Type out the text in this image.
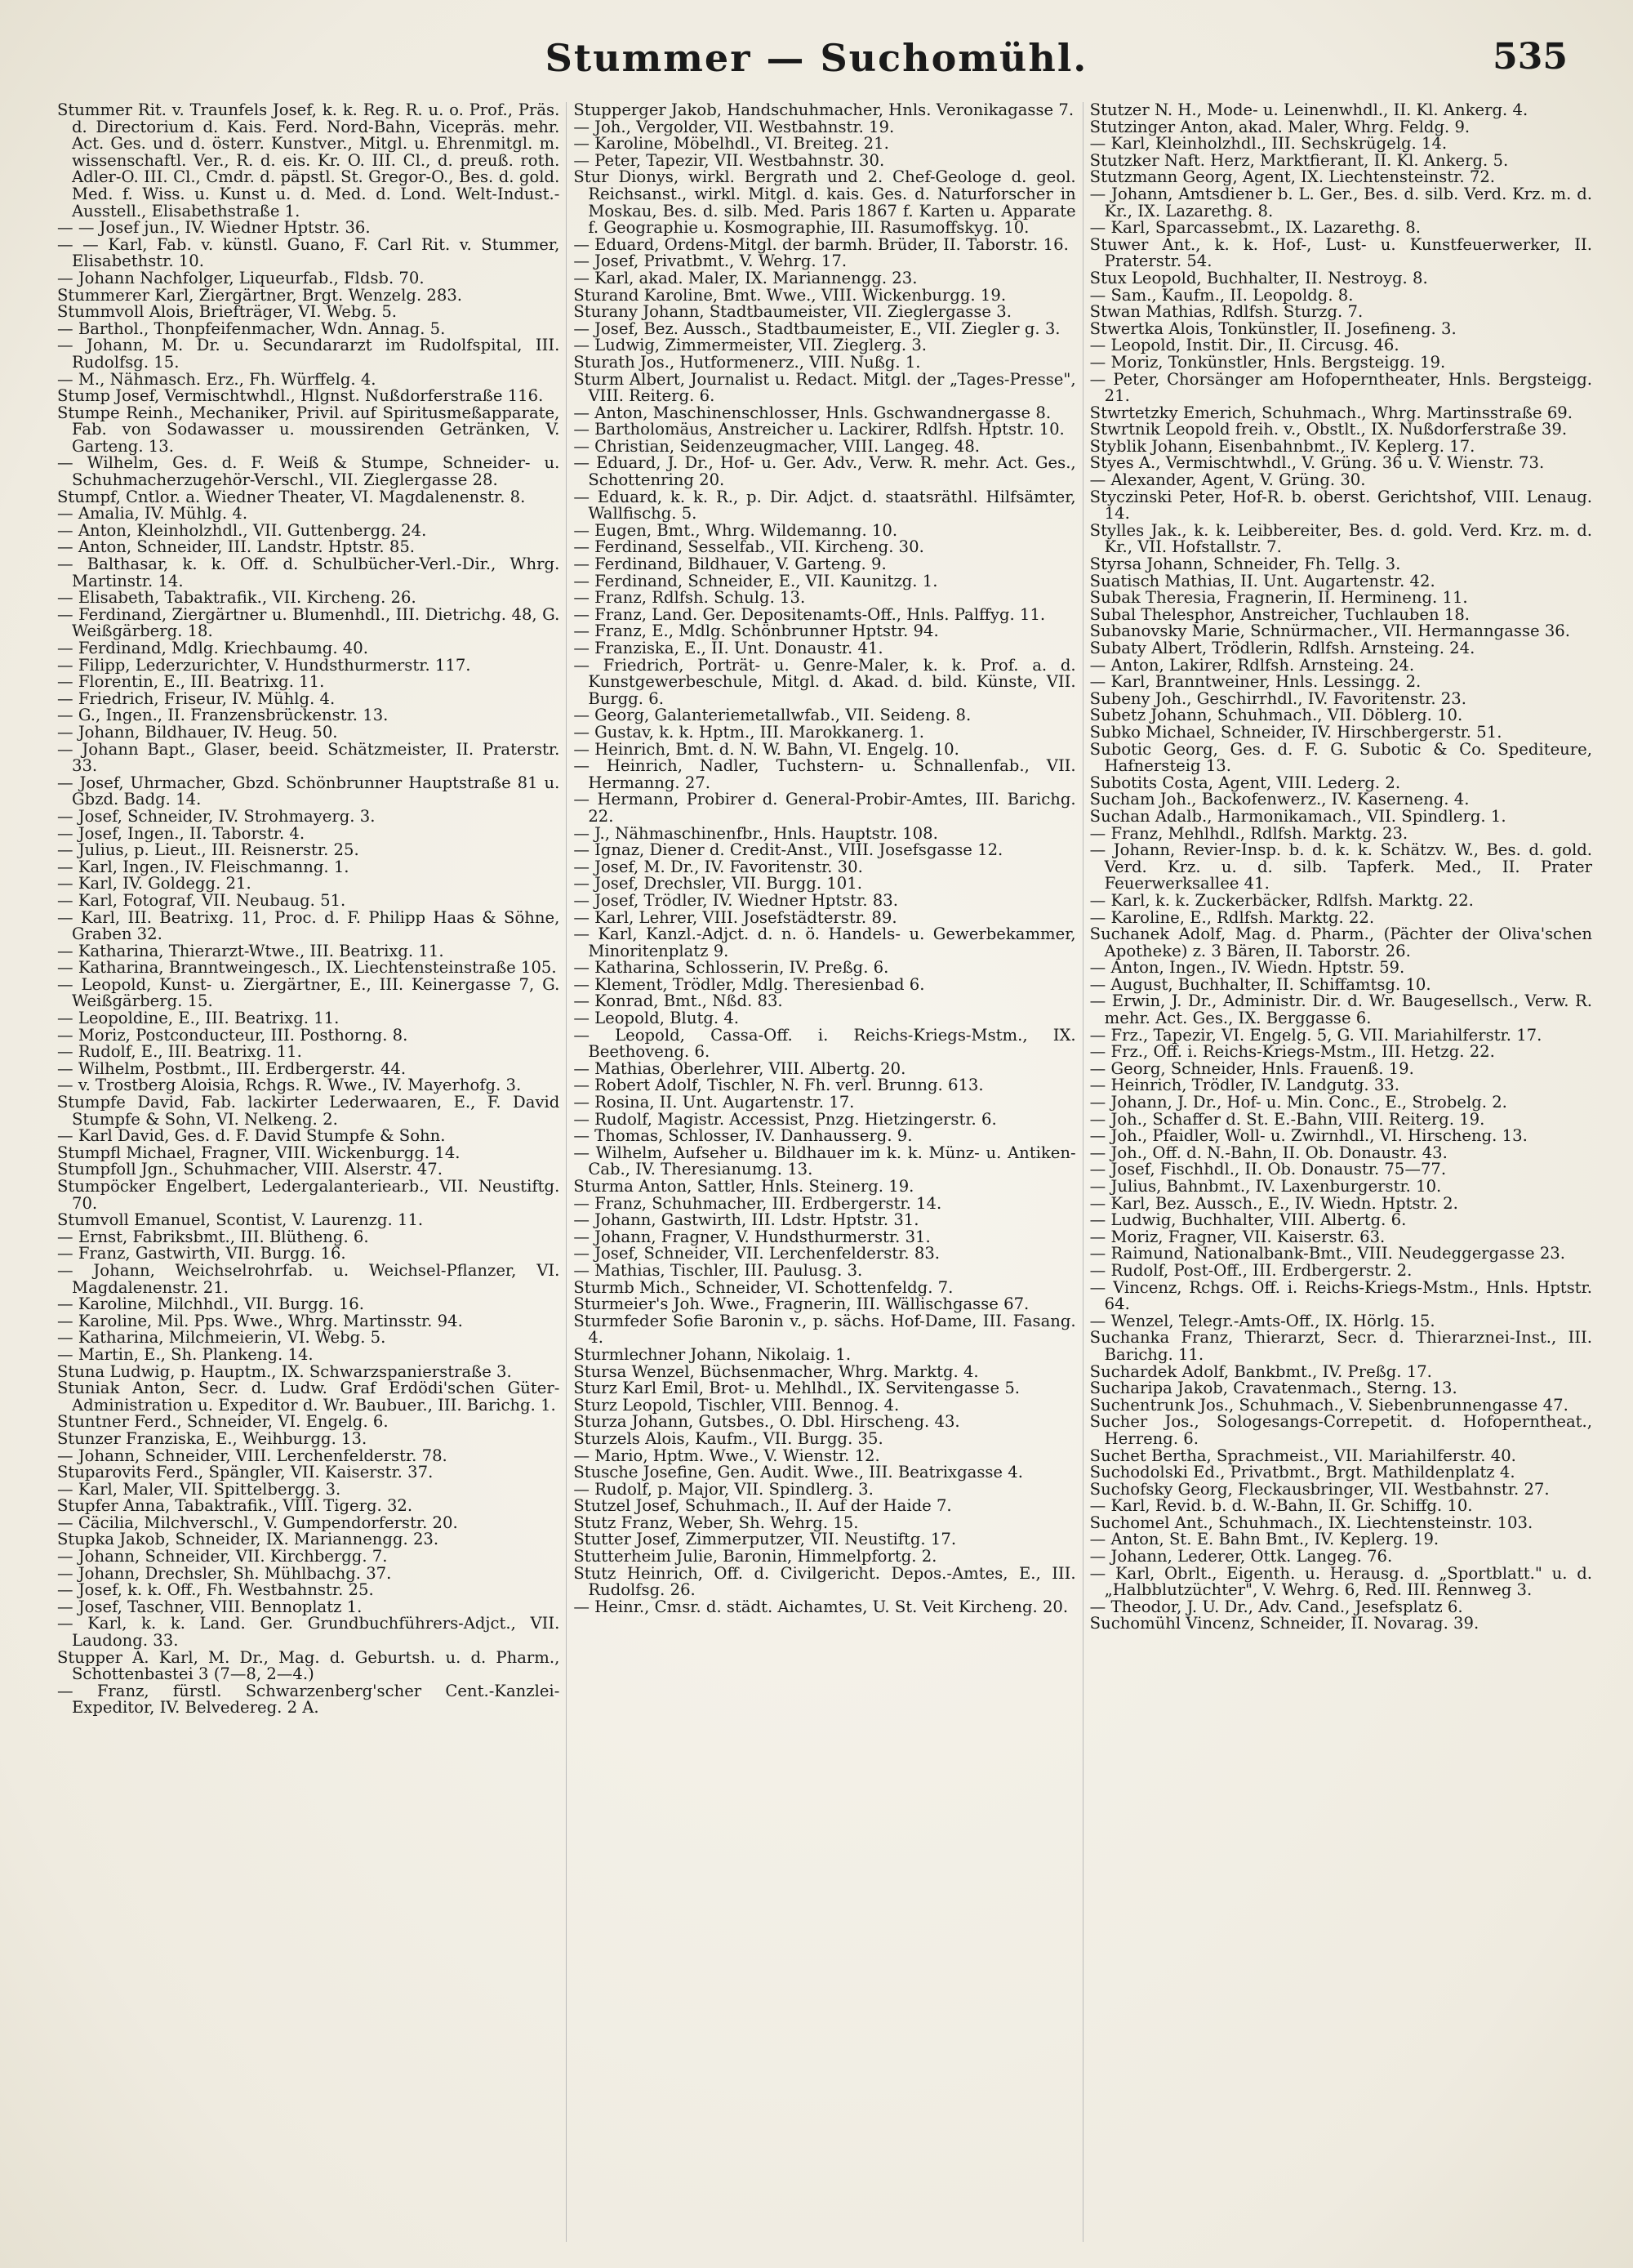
Stummer — Suchomühl.	535

Stummer Rit. v. Traunfels Josef, k. k. Reg. R. u. o. Prof., Präs. d. Directorium d. Kais. Ferd. Nord-Bahn, Vicepräs. mehr. Act. Ges. und d. österr. Kunstver., Mitgl. u. Ehrenmitgl. m. wissenschaftl. Ver., R. d. eis. Kr. O. III. Cl., d. preuß. roth. Adler-O. III. Cl., Cmdr. d. päpstl. St. Gregor-O., Bes. d. gold. Med. f. Wiss. u. Kunst u. d. Med. d. Lond. Welt-Indust.-Ausstell., Elisabethstraße 1.

— — Josef jun., IV. Wiedner Hptstr. 36.

— — Karl, Fab. v. künstl. Guano, F. Carl Rit. v. Stummer, Elisabethstr. 10.

— Johann Nachfolger, Liqueurfab., Fldsb. 70.

Stummerer Karl, Ziergärtner, Brgt. Wenzelg. 283.

Stummvoll Alois, Briefträger, VI. Webg. 5.

— Barthol., Thonpfeifenmacher, Wdn. Annag. 5.

— Johann, M. Dr. u. Secundararzt im Rudolfspital, III. Rudolfsg. 15.

— M., Nähmasch. Erz., Fh. Würffelg. 4.

Stump Josef, Vermischtwhdl., Hlgnst. Nußdorferstraße 116.

Stumpe Reinh., Mechaniker, Privil. auf Spiritusmeßapparate, Fab. von Sodawasser u. moussirenden Getränken, V. Garteng. 13.

— Wilhelm, Ges. d. F. Weiß & Stumpe, Schneider- u. Schuhmacherzugehör-Verschl., VII. Zieglergasse 28.

Stumpf, Cntlor. a. Wiedner Theater, VI. Magdalenenstr. 8.

— Amalia, IV. Mühlg. 4.

— Anton, Kleinholzhdl., VII. Guttenbergg. 24.

— Anton, Schneider, III. Landstr. Hptstr. 85.

— Balthasar, k. k. Off. d. Schulbücher-Verl.-Dir., Whrg. Martinstr. 14.

— Elisabeth, Tabaktrafik., VII. Kircheng. 26.

— Ferdinand, Ziergärtner u. Blumenhdl., III. Dietrichg. 48, G. Weißgärberg. 18.

— Ferdinand, Mdlg. Kriechbaumg. 40.

— Filipp, Lederzurichter, V. Hundsthurmerstr. 117.

— Florentin, E., III. Beatrixg. 11.

— Friedrich, Friseur, IV. Mühlg. 4.

— G., Ingen., II. Franzensbrückenstr. 13.

— Johann, Bildhauer, IV. Heug. 50.

— Johann Bapt., Glaser, beeid. Schätzmeister, II. Praterstr. 33.

— Josef, Uhrmacher, Gbzd. Schönbrunner Hauptstraße 81 u. Gbzd. Badg. 14.

— Josef, Schneider, IV. Strohmayerg. 3.

— Josef, Ingen., II. Taborstr. 4.

— Julius, p. Lieut., III. Reisnerstr. 25.

— Karl, Ingen., IV. Fleischmanng. 1.

— Karl, IV. Goldegg. 21.

— Karl, Fotograf, VII. Neubaug. 51.

— Karl, III. Beatrixg. 11, Proc. d. F. Philipp Haas & Söhne, Graben 32.

— Katharina, Thierarzt-Wtwe., III. Beatrixg. 11.

— Katharina, Branntweingesch., IX. Liechtensteinstraße 105.

— Leopold, Kunst- u. Ziergärtner, E., III. Keinergasse 7, G. Weißgärberg. 15.

— Leopoldine, E., III. Beatrixg. 11.

— Moriz, Postconducteur, III. Posthorng. 8.

— Rudolf, E., III. Beatrixg. 11.

— Wilhelm, Postbmt., III. Erdbergerstr. 44.

— v. Trostberg Aloisia, Rchgs. R. Wwe., IV. Mayerhofg. 3.

Stumpfe David, Fab. lackirter Lederwaaren, E., F. David Stumpfe & Sohn, VI. Nelkeng. 2.

— Karl David, Ges. d. F. David Stumpfe & Sohn.

Stumpfl Michael, Fragner, VIII. Wickenburgg. 14.

Stumpfoll Jgn., Schuhmacher, VIII. Alserstr. 47.

Stumpöcker Engelbert, Ledergalanteriearb., VII. Neustiftg. 70.

Stumvoll Emanuel, Scontist, V. Laurenzg. 11.

— Ernst, Fabriksbmt., III. Blütheng. 6.

— Franz, Gastwirth, VII. Burgg. 16.

— Johann, Weichselrohrfab. u. Weichsel-Pflanzer, VI. Magdalenenstr. 21.

— Karoline, Milchhdl., VII. Burgg. 16.

— Karoline, Mil. Pps. Wwe., Whrg. Martinsstr. 94.

— Katharina, Milchmeierin, VI. Webg. 5.

— Martin, E., Sh. Plankeng. 14.

Stuna Ludwig, p. Hauptm., IX. Schwarzspanierstraße 3.

Stuniak Anton, Secr. d. Ludw. Graf Erdödi'schen Güter-Administration u. Expeditor d. Wr. Baubuer., III. Barichg. 1.

Stuntner Ferd., Schneider, VI. Engelg. 6.

Stunzer Franziska, E., Weihburgg. 13.

— Johann, Schneider, VIII. Lerchenfelderstr. 78.

Stuparovits Ferd., Spängler, VII. Kaiserstr. 37.

— Karl, Maler, VII. Spittelbergg. 3.

Stupfer Anna, Tabaktrafik., VIII. Tigerg. 32.

— Cäcilia, Milchverschl., V. Gumpendorferstr. 20.

Stupka Jakob, Schneider, IX. Mariannengg. 23.

— Johann, Schneider, VII. Kirchbergg. 7.

— Johann, Drechsler, Sh. Mühlbachg. 37.

— Josef, k. k. Off., Fh. Westbahnstr. 25.

— Josef, Taschner, VIII. Bennoplatz 1.

— Karl, k. k. Land. Ger. Grundbuchführers-Adjct., VII. Laudong. 33.

Stupper A. Karl, M. Dr., Mag. d. Geburtsh. u. d. Pharm., Schottenbastei 3 (7—8, 2—4.)

— Franz, fürstl. Schwarzenberg'scher Cent.-Kanzlei-Expeditor, IV. Belvedereg. 2 A.

Stupperger Jakob, Handschuhmacher, Hnls. Veronikagasse 7.

— Joh., Vergolder, VII. Westbahnstr. 19.

— Karoline, Möbelhdl., VI. Breiteg. 21.

— Peter, Tapezir, VII. Westbahnstr. 30.

Stur Dionys, wirkl. Bergrath und 2. Chef-Geologe d. geol. Reichsanst., wirkl. Mitgl. d. kais. Ges. d. Naturforscher in Moskau, Bes. d. silb. Med. Paris 1867 f. Karten u. Apparate f. Geographie u. Kosmographie, III. Rasumoffskyg. 10.

— Eduard, Ordens-Mitgl. der barmh. Brüder, II. Taborstr. 16.

— Josef, Privatbmt., V. Wehrg. 17.

— Karl, akad. Maler, IX. Mariannengg. 23.

Sturand Karoline, Bmt. Wwe., VIII. Wickenburgg. 19.

Sturany Johann, Stadtbaumeister, VII. Zieglergasse 3.

— Josef, Bez. Aussch., Stadtbaumeister, E., VII. Ziegler g. 3.

— Ludwig, Zimmermeister, VII. Zieglerg. 3.

Sturath Jos., Hutformenerz., VIII. Nußg. 1.

Sturm Albert, Journalist u. Redact. Mitgl. der „Tages-Presse", VIII. Reiterg. 6.

— Anton, Maschinenschlosser, Hnls. Gschwandnergasse 8.

— Bartholomäus, Anstreicher u. Lackirer, Rdlfsh. Hptstr. 10.

— Christian, Seidenzeugmacher, VIII. Langeg. 48.

— Eduard, J. Dr., Hof- u. Ger. Adv., Verw. R. mehr. Act. Ges., Schottenring 20.

— Eduard, k. k. R., p. Dir. Adjct. d. staatsräthl. Hilfsämter, Wallfischg. 5.

— Eugen, Bmt., Whrg. Wildemanng. 10.

— Ferdinand, Sesselfab., VII. Kircheng. 30.

— Ferdinand, Bildhauer, V. Garteng. 9.

— Ferdinand, Schneider, E., VII. Kaunitzg. 1.

— Franz, Rdlfsh. Schulg. 13.

— Franz, Land. Ger. Depositenamts-Off., Hnls. Palffyg. 11.

— Franz, E., Mdlg. Schönbrunner Hptstr. 94.

— Franziska, E., II. Unt. Donaustr. 41.

— Friedrich, Porträt- u. Genre-Maler, k. k. Prof. a. d. Kunstgewerbeschule, Mitgl. d. Akad. d. bild. Künste, VII. Burgg. 6.

— Georg, Galanteriemetallwfab., VII. Seideng. 8.

— Gustav, k. k. Hptm., III. Marokkanerg. 1.

— Heinrich, Bmt. d. N. W. Bahn, VI. Engelg. 10.

— Heinrich, Nadler, Tuchstern- u. Schnallenfab., VII. Hermanng. 27.

— Hermann, Probirer d. General-Probir-Amtes, III. Barichg. 22.

— J., Nähmaschinenfbr., Hnls. Hauptstr. 108.

— Ignaz, Diener d. Credit-Anst., VIII. Josefsgasse 12.

— Josef, M. Dr., IV. Favoritenstr. 30.

— Josef, Drechsler, VII. Burgg. 101.

— Josef, Trödler, IV. Wiedner Hptstr. 83.

— Karl, Lehrer, VIII. Josefstädterstr. 89.

— Karl, Kanzl.-Adjct. d. n. ö. Handels- u. Gewerbekammer, Minoritenplatz 9.

— Katharina, Schlosserin, IV. Preßg. 6.

— Klement, Trödler, Mdlg. Theresienbad 6.

— Konrad, Bmt., Nßd. 83.

— Leopold, Blutg. 4.

— Leopold, Cassa-Off. i. Reichs-Kriegs-Mstm., IX. Beethoveng. 6.

— Mathias, Oberlehrer, VIII. Albertg. 20.

— Robert Adolf, Tischler, N. Fh. verl. Brunng. 613.

— Rosina, II. Unt. Augartenstr. 17.

— Rudolf, Magistr. Accessist, Pnzg. Hietzingerstr. 6.

— Thomas, Schlosser, IV. Danhausserg. 9.

— Wilhelm, Aufseher u. Bildhauer im k. k. Münz- u. Antiken-Cab., IV. Theresianumg. 13.

Sturma Anton, Sattler, Hnls. Steinerg. 19.

— Franz, Schuhmacher, III. Erdbergerstr. 14.

— Johann, Gastwirth, III. Ldstr. Hptstr. 31.

— Johann, Fragner, V. Hundsthurmerstr. 31.

— Josef, Schneider, VII. Lerchenfelderstr. 83.

— Mathias, Tischler, III. Paulusg. 3.

Sturmb Mich., Schneider, VI. Schottenfeldg. 7.

Sturmeier's Joh. Wwe., Fragnerin, III. Wällischgasse 67.

Sturmfeder Sofie Baronin v., p. sächs. Hof-Dame, III. Fasang. 4.

Sturmlechner Johann, Nikolaig. 1.

Stursa Wenzel, Büchsenmacher, Whrg. Marktg. 4.

Sturz Karl Emil, Brot- u. Mehlhdl., IX. Servitengasse 5.

Sturz Leopold, Tischler, VIII. Bennog. 4.

Sturza Johann, Gutsbes., O. Dbl. Hirscheng. 43.

Sturzels Alois, Kaufm., VII. Burgg. 35.

— Mario, Hptm. Wwe., V. Wienstr. 12.

Stusche Josefine, Gen. Audit. Wwe., III. Beatrixgasse 4.

— Rudolf, p. Major, VII. Spindlerg. 3.

Stutzel Josef, Schuhmach., II. Auf der Haide 7.

Stutz Franz, Weber, Sh. Wehrg. 15.

Stutter Josef, Zimmerputzer, VII. Neustiftg. 17.

Stutterheim Julie, Baronin, Himmelpfortg. 2.

Stutz Heinrich, Off. d. Civilgericht. Depos.-Amtes, E., III. Rudolfsg. 26.

— Heinr., Cmsr. d. städt. Aichamtes, U. St. Veit Kircheng. 20.

Stutzer N. H., Mode- u. Leinenwhdl., II. Kl. Ankerg. 4.

Stutzinger Anton, akad. Maler, Whrg. Feldg. 9.

— Karl, Kleinholzhdl., III. Sechskrügelg. 14.

Stutzker Naft. Herz, Marktfierant, II. Kl. Ankerg. 5.

Stutzmann Georg, Agent, IX. Liechtensteinstr. 72.

— Johann, Amtsdiener b. L. Ger., Bes. d. silb. Verd. Krz. m. d. Kr., IX. Lazarethg. 8.

— Karl, Sparcassebmt., IX. Lazarethg. 8.

Stuwer Ant., k. k. Hof-, Lust- u. Kunstfeuerwerker, II. Praterstr. 54.

Stux Leopold, Buchhalter, II. Nestroyg. 8.

— Sam., Kaufm., II. Leopoldg. 8.

Stwan Mathias, Rdlfsh. Sturzg. 7.

Stwertka Alois, Tonkünstler, II. Josefineng. 3.

— Leopold, Instit. Dir., II. Circusg. 46.

— Moriz, Tonkünstler, Hnls. Bergsteigg. 19.

— Peter, Chorsänger am Hofoperntheater, Hnls. Bergsteigg. 21.

Stwrtetzky Emerich, Schuhmach., Whrg. Martinsstraße 69.

Stwrtnik Leopold freih. v., Obstlt., IX. Nußdorferstraße 39.

Styblik Johann, Eisenbahnbmt., IV. Keplerg. 17.

Styes A., Vermischtwhdl., V. Grüng. 36 u. V. Wienstr. 73.

— Alexander, Agent, V. Grüng. 30.

Styczinski Peter, Hof-R. b. oberst. Gerichtshof, VIII. Lenaug. 14.

Stylles Jak., k. k. Leibbereiter, Bes. d. gold. Verd. Krz. m. d. Kr., VII. Hofstallstr. 7.

Styrsa Johann, Schneider, Fh. Tellg. 3.

Suatisch Mathias, II. Unt. Augartenstr. 42.

Subak Theresia, Fragnerin, II. Hermineng. 11.

Subal Thelesphor, Anstreicher, Tuchlauben 18.

Subanovsky Marie, Schnürmacher., VII. Hermanngasse 36.

Subaty Albert, Trödlerin, Rdlfsh. Arnsteing. 24.

— Anton, Lakirer, Rdlfsh. Arnsteing. 24.

— Karl, Branntweiner, Hnls. Lessingg. 2.

Subeny Joh., Geschirrhdl., IV. Favoritenstr. 23.

Subetz Johann, Schuhmach., VII. Döblerg. 10.

Subko Michael, Schneider, IV. Hirschbergerstr. 51.

Subotic Georg, Ges. d. F. G. Subotic & Co. Spediteure, Hafnersteig 13.

Subotits Costa, Agent, VIII. Lederg. 2.

Sucham Joh., Backofenwerz., IV. Kaserneng. 4.

Suchan Adalb., Harmonikamach., VII. Spindlerg. 1.

— Franz, Mehlhdl., Rdlfsh. Marktg. 23.

— Johann, Revier-Insp. b. d. k. k. Schätzv. W., Bes. d. gold. Verd. Krz. u. d. silb. Tapferk. Med., II. Prater Feuerwerksallee 41.

— Karl, k. k. Zuckerbäcker, Rdlfsh. Marktg. 22.

— Karoline, E., Rdlfsh. Marktg. 22.

Suchanek Adolf, Mag. d. Pharm., (Pächter der Oliva'schen Apotheke) z. 3 Bären, II. Taborstr. 26.

— Anton, Ingen., IV. Wiedn. Hptstr. 59.

— August, Buchhalter, II. Schiffamtsg. 10.

— Erwin, J. Dr., Administr. Dir. d. Wr. Baugesellsch., Verw. R. mehr. Act. Ges., IX. Berggasse 6.

— Frz., Tapezir, VI. Engelg. 5, G. VII. Mariahilferstr. 17.

— Frz., Off. i. Reichs-Kriegs-Mstm., III. Hetzg. 22.

— Georg, Schneider, Hnls. Frauenß. 19.

— Heinrich, Trödler, IV. Landgutg. 33.

— Johann, J. Dr., Hof- u. Min. Conc., E., Strobelg. 2.

— Joh., Schaffer d. St. E.-Bahn, VIII. Reiterg. 19.

— Joh., Pfaidler, Woll- u. Zwirnhdl., VI. Hirscheng. 13.

— Joh., Off. d. N.-Bahn, II. Ob. Donaustr. 43.

— Josef, Fischhdl., II. Ob. Donaustr. 75—77.

— Julius, Bahnbmt., IV. Laxenburgerstr. 10.

— Karl, Bez. Aussch., E., IV. Wiedn. Hptstr. 2.

— Ludwig, Buchhalter, VIII. Albertg. 6.

— Moriz, Fragner, VII. Kaiserstr. 63.

— Raimund, Nationalbank-Bmt., VIII. Neudeggergasse 23.

— Rudolf, Post-Off., III. Erdbergerstr. 2.

— Vincenz, Rchgs. Off. i. Reichs-Kriegs-Mstm., Hnls. Hptstr. 64.

— Wenzel, Telegr.-Amts-Off., IX. Hörlg. 15.

Suchanka Franz, Thierarzt, Secr. d. Thierarznei-Inst., III. Barichg. 11.

Suchardek Adolf, Bankbmt., IV. Preßg. 17.

Sucharipa Jakob, Cravatenmach., Sterng. 13.

Suchentrunk Jos., Schuhmach., V. Siebenbrunnengasse 47.

Sucher Jos., Sologesangs-Correpetit. d. Hofoperntheat., Herreng. 6.

Suchet Bertha, Sprachmeist., VII. Mariahilferstr. 40.

Suchodolski Ed., Privatbmt., Brgt. Mathildenplatz 4.

Suchofsky Georg, Fleckausbringer, VII. Westbahnstr. 27.

— Karl, Revid. b. d. W.-Bahn, II. Gr. Schiffg. 10.

Suchomel Ant., Schuhmach., IX. Liechtensteinstr. 103.

— Anton, St. E. Bahn Bmt., IV. Keplerg. 19.

— Johann, Lederer, Ottk. Langeg. 76.

— Karl, Obrlt., Eigenth. u. Herausg. d. „Sportblatt." u. d. „Halbblutzüchter", V. Wehrg. 6, Red. III. Rennweg 3.

— Theodor, J. U. Dr., Adv. Cand., Jesefsplatz 6.

Suchomühl Vincenz, Schneider, II. Novarag. 39.
